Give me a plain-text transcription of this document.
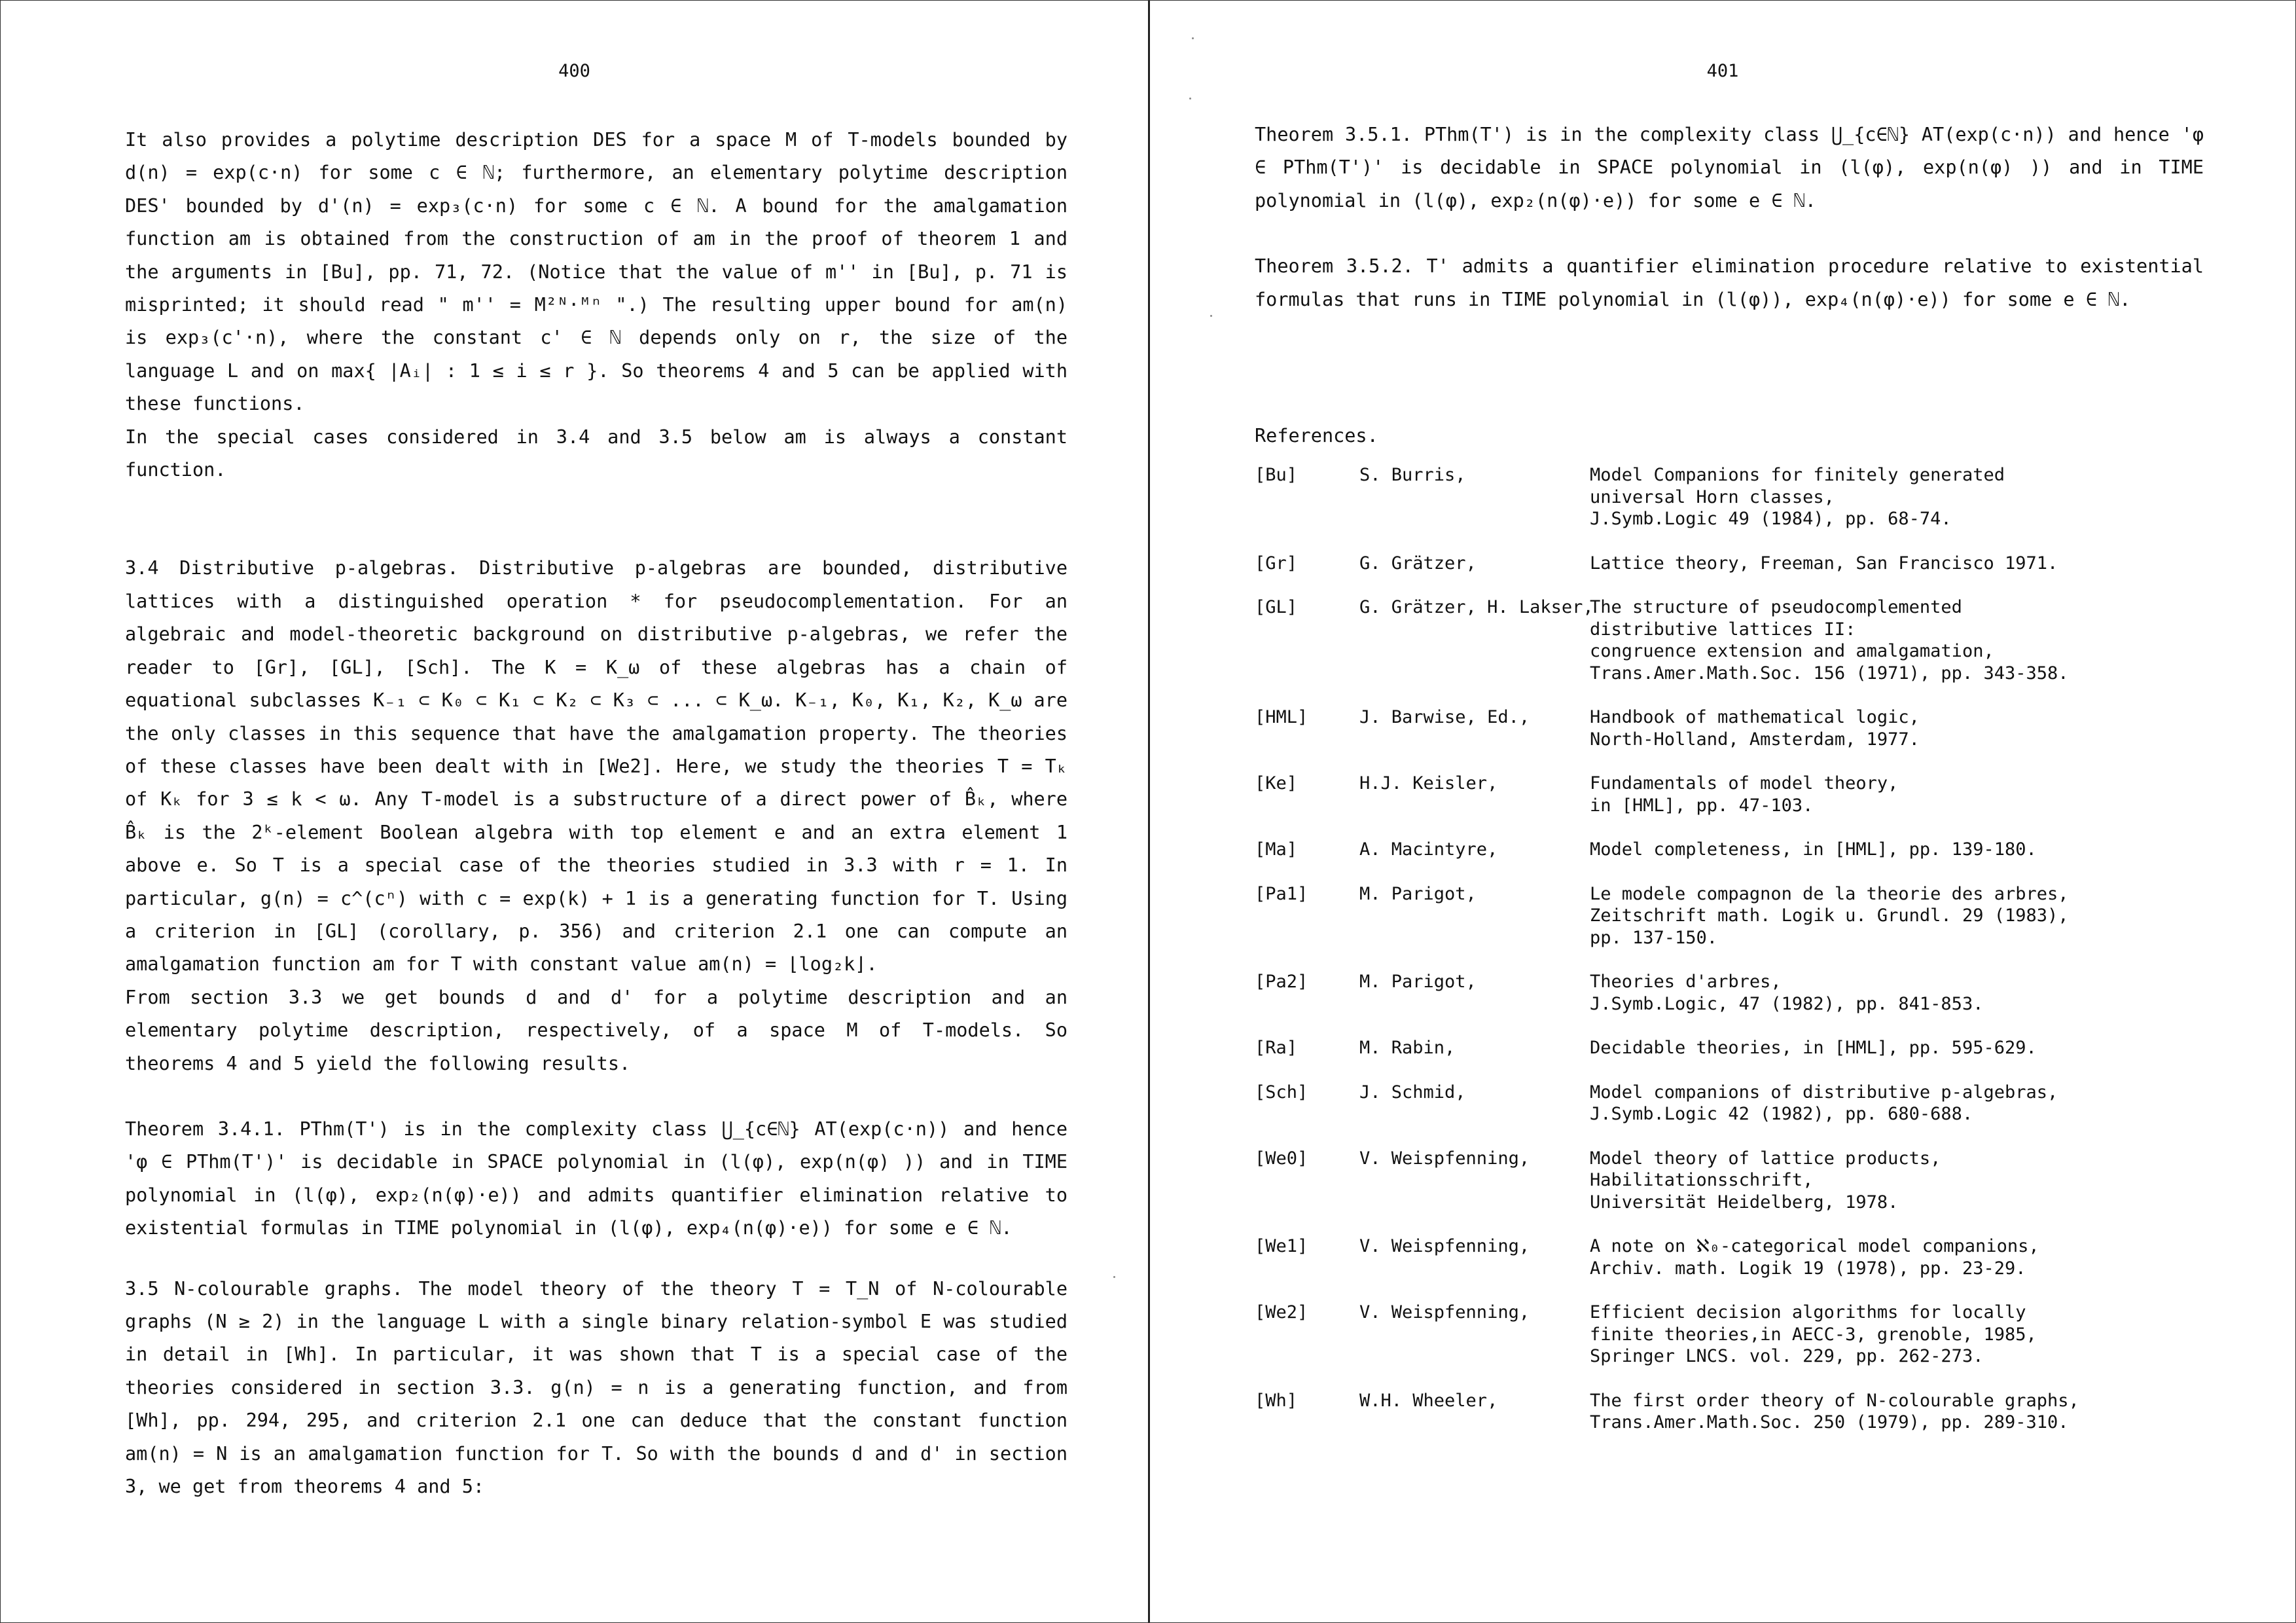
400

It also provides a polytime description DES for a space M of T-models bounded by d(n) = exp(c·n) for some c ∈ ℕ; furthermore, an elementary polytime description DES' bounded by d'(n) = exp₃(c·n) for some c ∈ ℕ. A bound for the amalgamation function am is obtained from the construction of am in the proof of theorem 1 and the arguments in [Bu], pp. 71, 72. (Notice that the value of m'' in [Bu], p. 71 is misprinted; it should read " m'' = M²ᴺ·ᴹⁿ ".) The resulting upper bound for am(n) is exp₃(c'·n), where the constant c' ∈ ℕ depends only on r, the size of the language L and on max{ |Aᵢ| : 1 ≤ i ≤ r }. So theorems 4 and 5 can be applied with these functions.

In the special cases considered in 3.4 and 3.5 below am is always a constant function.

3.4 Distributive p-algebras. Distributive p-algebras are bounded, distributive lattices with a distinguished operation * for pseudocomplementation. For an algebraic and model-theoretic background on distributive p-algebras, we refer the reader to [Gr], [GL], [Sch]. The K = K_ω of these algebras has a chain of equational subclasses K₋₁ ⊂ K₀ ⊂ K₁ ⊂ K₂ ⊂ K₃ ⊂ ... ⊂ K_ω. K₋₁, K₀, K₁, K₂, K_ω are the only classes in this sequence that have the amalgamation property. The theories of these classes have been dealt with in [We2]. Here, we study the theories T = Tₖ of Kₖ for 3 ≤ k < ω. Any T-model is a substructure of a direct power of B̂ₖ, where B̂ₖ is the 2ᵏ-element Boolean algebra with top element e and an extra element 1 above e. So T is a special case of the theories studied in 3.3 with r = 1. In particular, g(n) = c^(cⁿ) with c = exp(k) + 1 is a generating function for T. Using a criterion in [GL] (corollary, p. 356) and criterion 2.1 one can compute an amalgamation function am for T with constant value am(n) = ⌊log₂k⌋.

From section 3.3 we get bounds d and d' for a polytime description and an elementary polytime description, respectively, of a space M of T-models. So theorems 4 and 5 yield the following results.

Theorem 3.4.1. PThm(T') is in the complexity class ⋃_{c∈ℕ} AT(exp(c·n)) and hence 'φ ∈ PThm(T')' is decidable in SPACE polynomial in (l(φ), exp(n(φ) )) and in TIME polynomial in (l(φ), exp₂(n(φ)·e)) and admits quantifier elimination relative to existential formulas in TIME polynomial in (l(φ), exp₄(n(φ)·e)) for some e ∈ ℕ.

3.5 N-colourable graphs. The model theory of the theory T = T_N of N-colourable graphs (N ≥ 2) in the language L with a single binary relation-symbol E was studied in detail in [Wh]. In particular, it was shown that T is a special case of the theories considered in section 3.3. g(n) = n is a generating function, and from [Wh], pp. 294, 295, and criterion 2.1 one can deduce that the constant function am(n) = N is an amalgamation function for T. So with the bounds d and d' in section 3, we get from theorems 4 and 5:

401

Theorem 3.5.1. PThm(T') is in the complexity class ⋃_{c∈ℕ} AT(exp(c·n)) and hence 'φ ∈ PThm(T')' is decidable in SPACE polynomial in (l(φ), exp(n(φ) )) and in TIME polynomial in (l(φ), exp₂(n(φ)·e)) for some e ∈ ℕ.

Theorem 3.5.2. T' admits a quantifier elimination procedure relative to existential formulas that runs in TIME polynomial in (l(φ)), exp₄(n(φ)·e)) for some e ∈ ℕ.

References.

[Bu]	S. Burris,	Model Companions for finitely generated
universal Horn classes,
J.Symb.Logic 49 (1984), pp. 68-74.
[Gr]	G. Grätzer,	Lattice theory, Freeman, San Francisco 1971.
[GL]	G. Grätzer, H. Lakser,
The structure of pseudocomplemented
distributive lattices II:
congruence extension and amalgamation,
Trans.Amer.Math.Soc. 156 (1971), pp. 343-358.
[HML]	J. Barwise, Ed.,	Handbook of mathematical logic,
North-Holland, Amsterdam, 1977.
[Ke]	H.J. Keisler,	Fundamentals of model theory,
in [HML], pp. 47-103.
[Ma]	A. Macintyre,	Model completeness, in [HML], pp. 139-180.
[Pa1]	M. Parigot,	Le modele compagnon de la theorie des arbres,
Zeitschrift math. Logik u. Grundl. 29 (1983),
pp. 137-150.
[Pa2]	M. Parigot,	Theories d'arbres,
J.Symb.Logic, 47 (1982), pp. 841-853.
[Ra]	M. Rabin,	Decidable theories, in [HML], pp. 595-629.
[Sch]	J. Schmid,	Model companions of distributive p-algebras,
J.Symb.Logic 42 (1982), pp. 680-688.
[We0]	V. Weispfenning,	Model theory of lattice products,
Habilitationsschrift,
Universität Heidelberg, 1978.
[We1]	V. Weispfenning,	A note on ℵ₀-categorical model companions,
Archiv. math. Logik 19 (1978), pp. 23-29.
[We2]	V. Weispfenning,	Efficient decision algorithms for locally
finite theories,in AECC-3, grenoble, 1985,
Springer LNCS. vol. 229, pp. 262-273.
[Wh]	W.H. Wheeler,	The first order theory of N-colourable graphs,
Trans.Amer.Math.Soc. 250 (1979), pp. 289-310.
